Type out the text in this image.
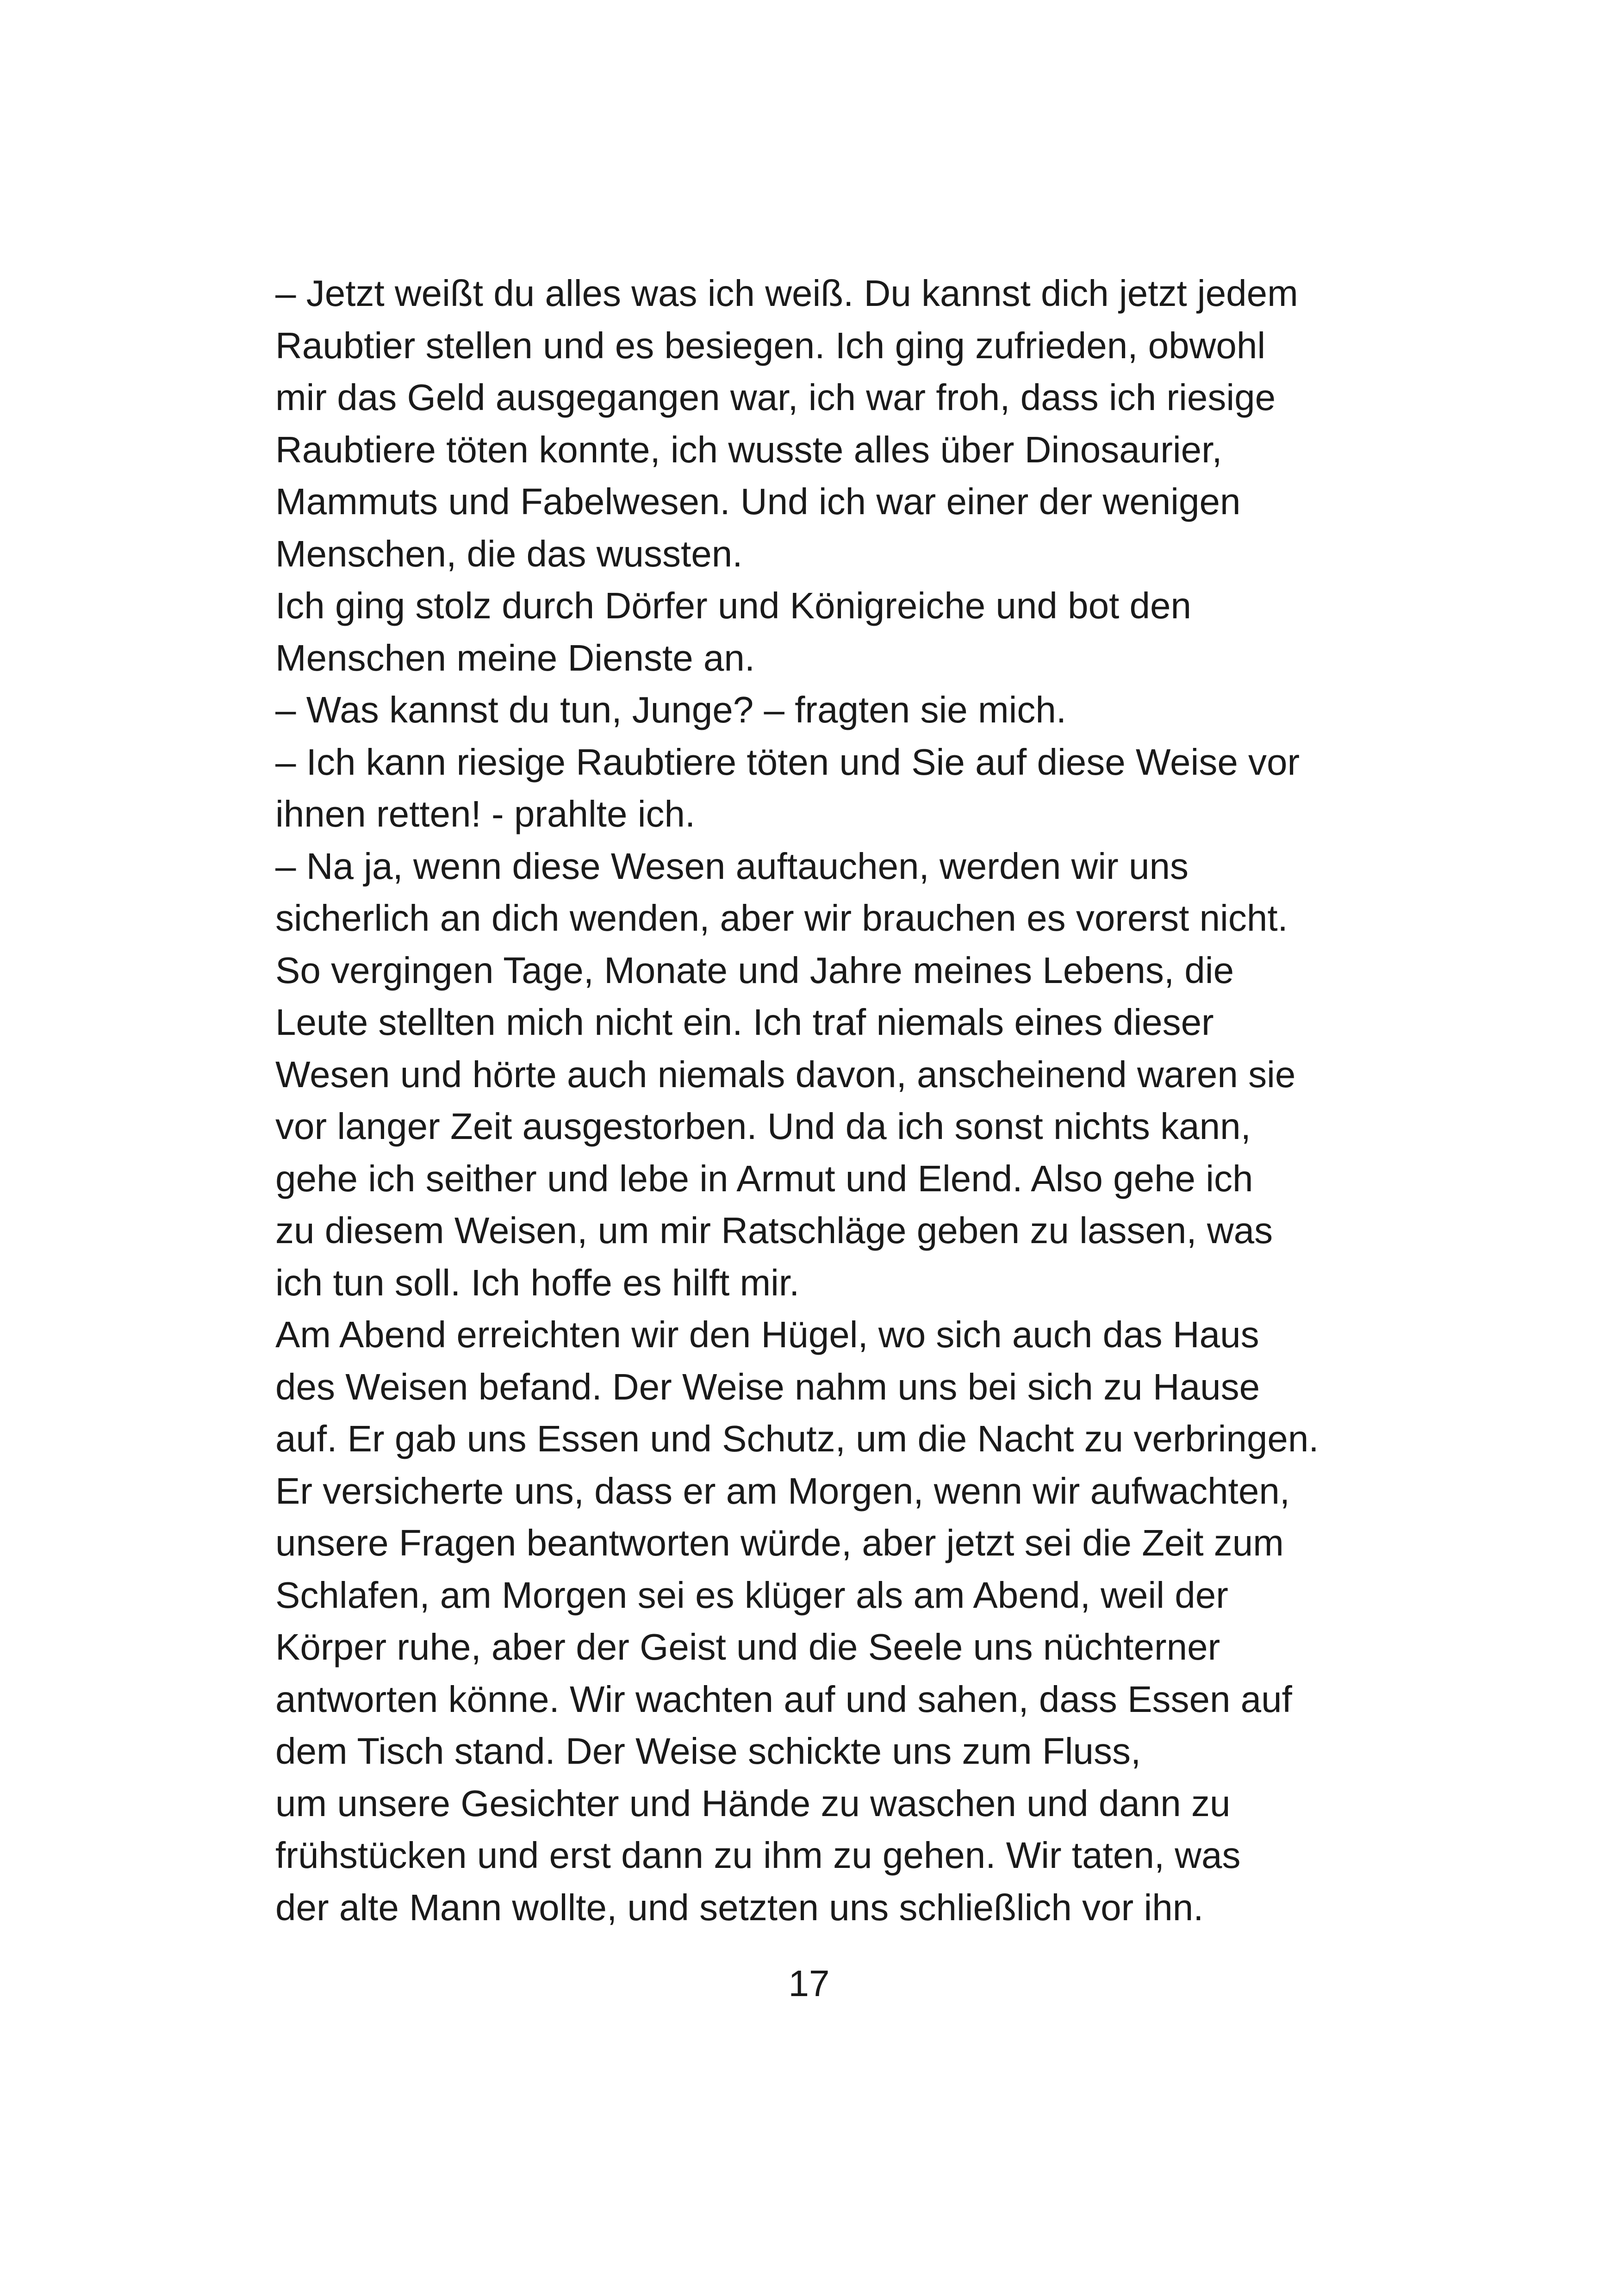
– Jetzt weißt du alles was ich weiß. Du kannst dich jetzt jedem
Raubtier stellen und es besiegen. Ich ging zufrieden, obwohl
mir das Geld ausgegangen war, ich war froh, dass ich riesige
Raubtiere töten konnte, ich wusste alles über Dinosaurier,
Mammuts und Fabelwesen. Und ich war einer der wenigen
Menschen, die das wussten.
Ich ging stolz durch Dörfer und Königreiche und bot den
Menschen meine Dienste an.
– Was kannst du tun, Junge? – fragten sie mich.
– Ich kann riesige Raubtiere töten und Sie auf diese Weise vor
ihnen retten! - prahlte ich.
– Na ja, wenn diese Wesen auftauchen, werden wir uns
sicherlich an dich wenden, aber wir brauchen es vorerst nicht.
So vergingen Tage, Monate und Jahre meines Lebens, die
Leute stellten mich nicht ein. Ich traf niemals eines dieser
Wesen und hörte auch niemals davon, anscheinend waren sie
vor langer Zeit ausgestorben. Und da ich sonst nichts kann,
gehe ich seither und lebe in Armut und Elend. Also gehe ich
zu diesem Weisen, um mir Ratschläge geben zu lassen, was
ich tun soll. Ich hoffe es hilft mir.
Am Abend erreichten wir den Hügel, wo sich auch das Haus
des Weisen befand. Der Weise nahm uns bei sich zu Hause
auf. Er gab uns Essen und Schutz, um die Nacht zu verbringen.
Er versicherte uns, dass er am Morgen, wenn wir aufwachten,
unsere Fragen beantworten würde, aber jetzt sei die Zeit zum
Schlafen, am Morgen sei es klüger als am Abend, weil der
Körper ruhe, aber der Geist und die Seele uns nüchterner
antworten könne. Wir wachten auf und sahen, dass Essen auf
dem Tisch stand. Der Weise schickte uns zum Fluss,
um unsere Gesichter und Hände zu waschen und dann zu
frühstücken und erst dann zu ihm zu gehen. Wir taten, was
der alte Mann wollte, und setzten uns schließlich vor ihn.
17
